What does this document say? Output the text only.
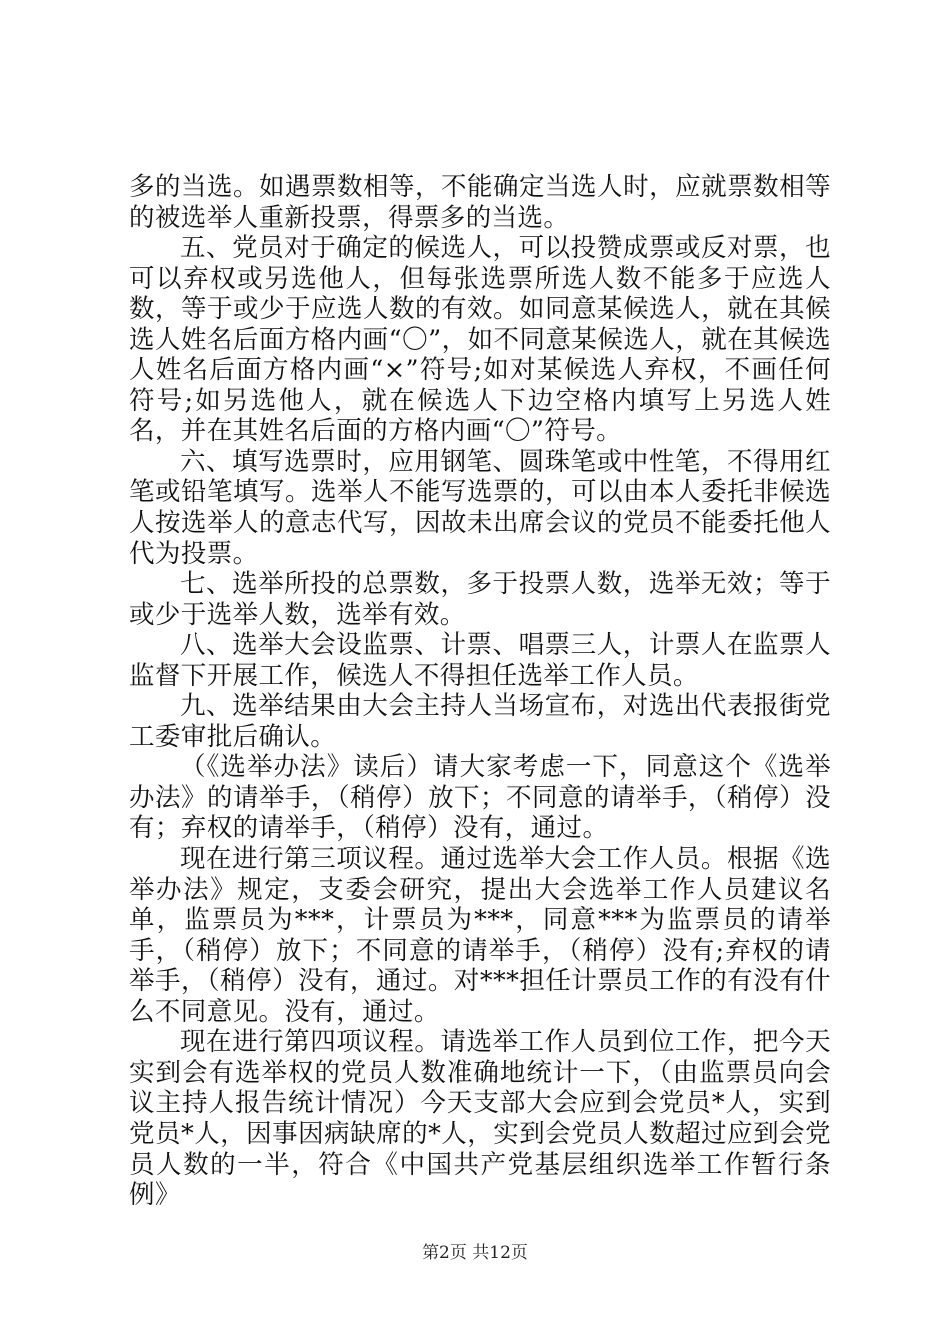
多的当选。如遇票数相等，不能确定当选人时，应就票数相等的被选举人重新投票，得票多的当选。

五、党员对于确定的候选人，可以投赞成票或反对票，也可以弃权或另选他人，但每张选票所选人数不能多于应选人数，等于或少于应选人数的有效。如同意某候选人，就在其候选人姓名后面方格内画“〇”，如不同意某候选人，就在其候选人姓名后面方格内画“×”符号;如对某候选人弃权，不画任何符号;如另选他人，就在候选人下边空格内填写上另选人姓名，并在其姓名后面的方格内画“〇”符号。

六、填写选票时，应用钢笔、圆珠笔或中性笔，不得用红笔或铅笔填写。选举人不能写选票的，可以由本人委托非候选人按选举人的意志代写，因故未出席会议的党员不能委托他人代为投票。

七、选举所投的总票数，多于投票人数，选举无效；等于或少于选举人数，选举有效。

八、选举大会设监票、计票、唱票三人，计票人在监票人监督下开展工作，候选人不得担任选举工作人员。

九、选举结果由大会主持人当场宣布，对选出代表报街党工委审批后确认。

（《选举办法》读后）请大家考虑一下，同意这个《选举办法》的请举手，（稍停）放下；不同意的请举手，（稍停）没有；弃权的请举手，（稍停）没有，通过。

现在进行第三项议程。通过选举大会工作人员。根据《选举办法》规定，支委会研究，提出大会选举工作人员建议名单，监票员为***，计票员为***，同意***为监票员的请举手，（稍停）放下；不同意的请举手，（稍停）没有;弃权的请举手，（稍停）没有，通过。对***担任计票员工作的有没有什么不同意见。没有，通过。

现在进行第四项议程。请选举工作人员到位工作，把今天实到会有选举权的党员人数准确地统计一下，（由监票员向会议主持人报告统计情况）今天支部大会应到会党员*人，实到党员*人，因事因病缺席的*人，实到会党员人数超过应到会党员人数的一半，符合《中国共产党基层组织选举工作暂行条例》

第2页 共12页
